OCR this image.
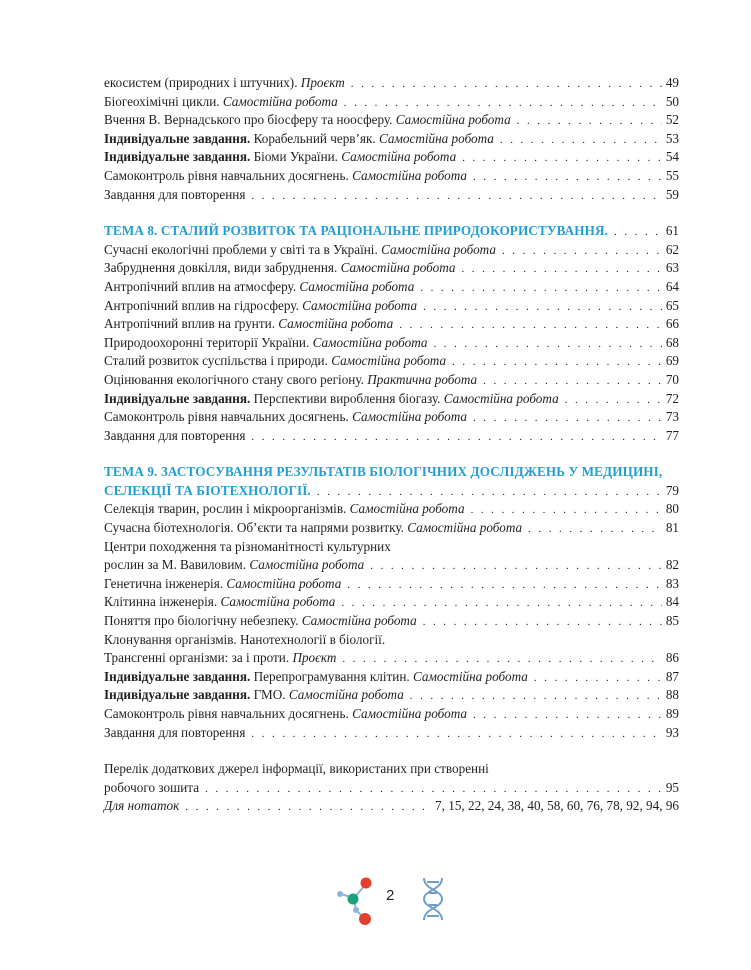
екосистем (природних і штучних). Проєкт . . .	49
Біогеохімічні цикли. Самостійна робота . . .	50
Вчення В. Вернадського про біосферу та ноосферу. Самостійна робота . . .	52
Індивідуальне завдання. Корабельний черв’як. Самостійна робота . . .	53
Індивідуальне завдання. Біоми України. Самостійна робота . . .	54
Самоконтроль рівня навчальних досягнень. Самостійна робота . . .	55
Завдання для повторення . . .	59
ТЕМА 8. СТАЛИЙ РОЗВИТОК ТА РАЦІОНАЛЬНЕ ПРИРОДОКОРИСТУВАННЯ. . . .	61
Сучасні екологічні проблеми у світі та в Україні. Самостійна робота . . .	62
Забруднення довкілля, види забруднення. Самостійна робота . . .	63
Антропічний вплив на атмосферу. Самостійна робота . . .	64
Антропічний вплив на гідросферу. Самостійна робота . . .	65
Антропічний вплив на ґрунти. Самостійна робота . . .	66
Природоохоронні території України. Самостійна робота . . .	68
Сталий розвиток суспільства і природи. Самостійна робота . . .	69
Оцінювання екологічного стану свого регіону. Практична робота . . .	70
Індивідуальне завдання. Перспективи вироблення біогазу. Самостійна робота . . .	72
Самоконтроль рівня навчальних досягнень. Самостійна робота . . .	73
Завдання для повторення . . .	77
ТЕМА 9. ЗАСТОСУВАННЯ РЕЗУЛЬТАТІВ БІОЛОГІЧНИХ ДОСЛІДЖЕНЬ У МЕДИЦИНІ,
СЕЛЕКЦІЇ ТА БІОТЕХНОЛОГІЇ. . . .	79
Селекція тварин, рослин і мікроорганізмів. Самостійна робота . . .	80
Сучасна біотехнологія. Об’єкти та напрями розвитку. Самостійна робота . . .	81
Центри походження та різноманітності культурних
рослин за М. Вавиловим. Самостійна робота . . .	82
Генетична інженерія. Самостійна робота . . .	83
Клітинна інженерія. Самостійна робота . . .	84
Поняття про біологічну небезпеку. Самостійна робота . . .	85
Клонування організмів. Нанотехнології в біології.
Трансгенні організми: за і проти. Проєкт . . .	86
Індивідуальне завдання. Перепрограмування клітин. Самостійна робота . . .	87
Індивідуальне завдання. ГМО. Самостійна робота . . .	88
Самоконтроль рівня навчальних досягнень. Самостійна робота . . .	89
Завдання для повторення . . .	93
Перелік додаткових джерел інформації, використаних при створенні
робочого зошита . . .	95
Для нотаток . . .	7, 15, 22, 24, 38, 40, 58, 60, 76, 78, 92, 94, 96
2
